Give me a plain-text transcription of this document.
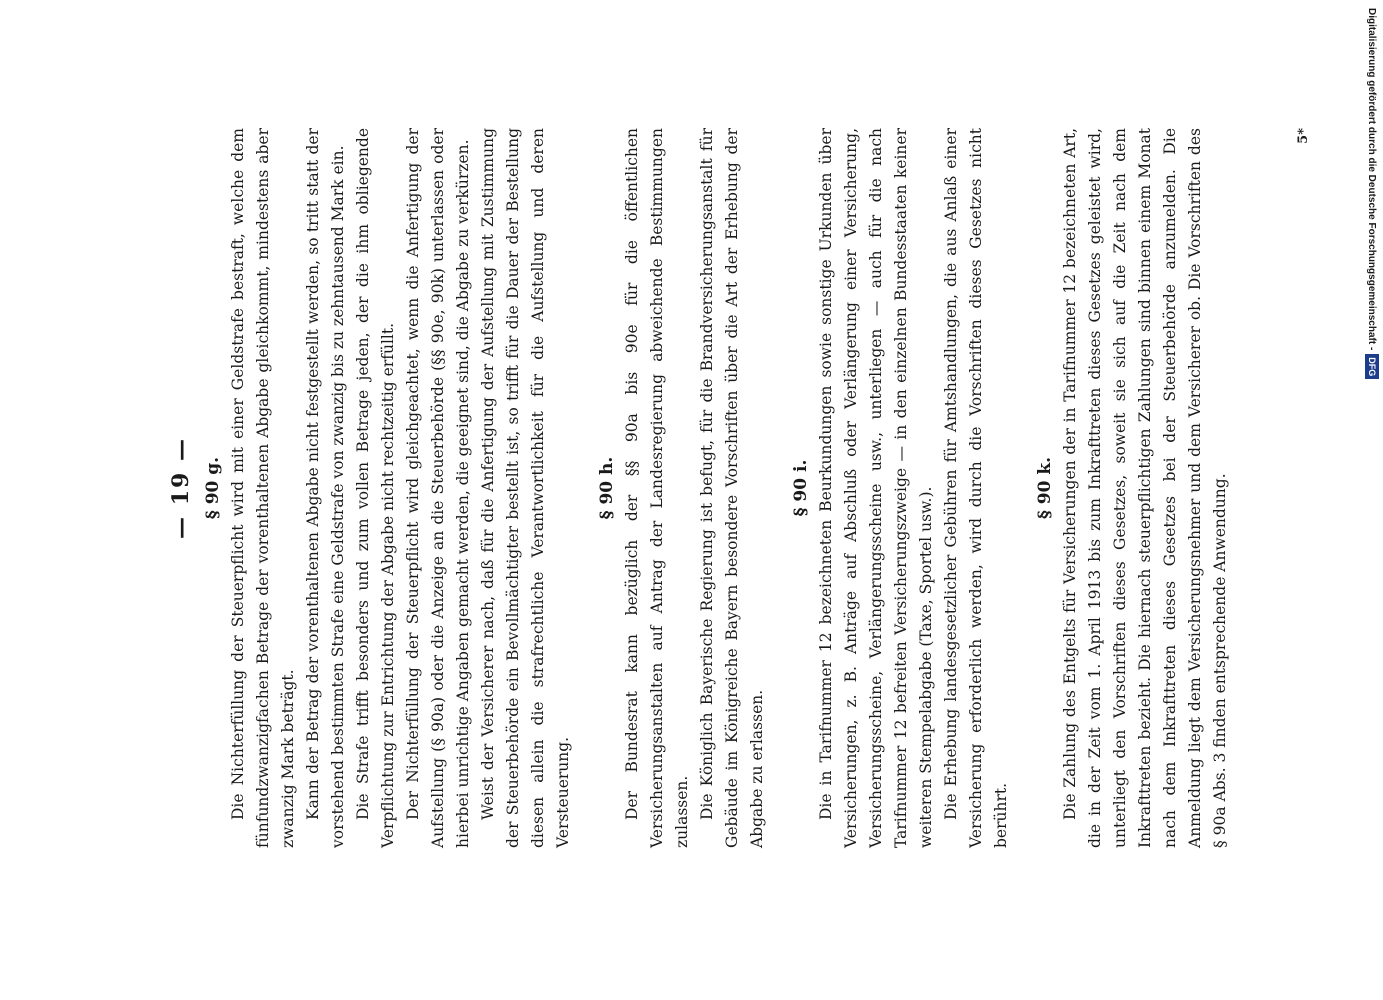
— 19 — § 90 g. Die Nichterfüllung der Steuerpflicht wird mit einer Geldstrafe bestraft, welche dem fünfundzwanzigfachen Betrage der vorenthaltenen Abgabe gleichkommt, mindestens aber zwanzig Mark beträgt. Kann der Betrag der vorenthaltenen Abgabe nicht festgestellt werden, so tritt statt der vorstehend bestimmten Strafe eine Geldstrafe von zwanzig bis zu zehntausend Mark ein. Die Strafe trifft besonders und zum vollen Betrage jeden, der die ihm obliegende Verpflichtung zur Entrichtung der Abgabe nicht rechtzeitig erfüllt. Der Nichterfüllung der Steuerpflicht wird gleichgeachtet, wenn die Anfertigung der Aufstellung (§ 90a) oder die Anzeige an die Steuerbehörde (§§ 90e, 90k) unterlassen oder hierbei unrichtige Angaben gemacht werden, die geeignet sind, die Abgabe zu verkürzen. Weist der Versicherer nach, daß für die Anfertigung der Aufstellung mit Zustimmung der Steuerbehörde ein Bevollmächtigter bestellt ist, so trifft für die Dauer der Bestellung diesen allein die strafrechtliche Verantwortlichkeit für die Aufstellung und deren Versteuerung.

§ 90 h. Der Bundesrat kann bezüglich der §§ 90a bis 90e für die öffentlichen Versicherungsanstalten auf Antrag der Landesregierung abweichende Bestimmungen zulassen. Die Königlich Bayerische Regierung ist befugt, für die Brandversicherungsanstalt für Gebäude im Königreiche Bayern besondere Vorschriften über die Art der Erhebung der Abgabe zu erlassen.

§ 90 i. Die in Tarifnummer 12 bezeichneten Beurkundungen sowie sonstige Urkunden über Versicherungen, z. B. Anträge auf Abschluß oder Verlängerung einer Versicherung, Versicherungsscheine, Verlängerungsscheine usw., unterliegen — auch für die nach Tarifnummer 12 befreiten Versicherungszweige — in den einzelnen Bundesstaaten keiner weiteren Stempelabgabe (Taxe, Sportel usw.). Die Erhebung landesgesetzlicher Gebühren für Amtshandlungen, die aus Anlaß einer Versicherung erforderlich werden, wird durch die Vorschriften dieses Gesetzes nicht berührt.

§ 90 k. Die Zahlung des Entgelts für Versicherungen der in Tarifnummer 12 bezeichneten Art, die in der Zeit vom 1. April 1913 bis zum Inkrafttreten dieses Gesetzes geleistet wird, unterliegt den Vorschriften dieses Gesetzes, soweit sie sich auf die Zeit nach dem Inkrafttreten bezieht. Die hiernach steuerpflichtigen Zahlungen sind binnen einem Monat nach dem Inkrafttreten dieses Gesetzes bei der Steuerbehörde anzumelden. Die Anmeldung liegt dem Versicherungsnehmer und dem Versicherer ob. Die Vorschriften des § 90a Abs. 3 finden entsprechende Anwendung.

5*	Digitalisierung gefördert durch die Deutsche Forschungsgemeinschaft -DFG
